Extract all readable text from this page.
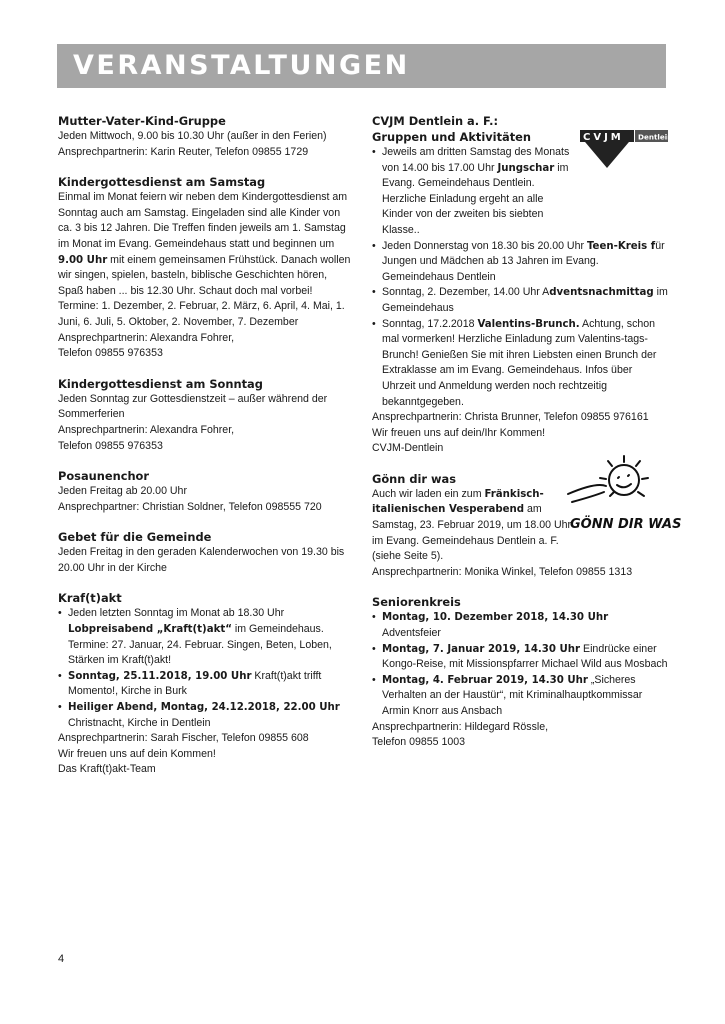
VERANSTALTUNGEN

Mutter-Vater-Kind-Gruppe

Jeden Mittwoch, 9.00 bis 10.30 Uhr (außer in den Ferien)

Ansprechpartnerin: Karin Reuter, Telefon 09855 1729

Kindergottesdienst am Samstag

Einmal im Monat feiern wir neben dem Kindergottesdienst am Sonntag auch am Samstag. Eingeladen sind alle Kinder von ca. 3 bis 12 Jahren. Die Treffen finden jeweils am 1. Samstag im Monat im Evang. Gemeindehaus statt und beginnen um 9.00 Uhr mit einem gemeinsamen Frühstück. Danach wollen wir singen, spielen, basteln, biblische Geschichten hören, Spaß haben ... bis 12.30 Uhr. Schaut doch mal vorbei!

Termine: 1. Dezember, 2. Februar, 2. März, 6. April, 4. Mai, 1. Juni, 6. Juli, 5. Oktober, 2. November, 7. Dezember

Ansprechpartnerin: Alexandra Fohrer,

Telefon 09855 976353

Kindergottesdienst am Sonntag

Jeden Sonntag zur Gottesdienstzeit – außer während der Sommerferien

Ansprechpartnerin: Alexandra Fohrer,

Telefon 09855 976353

Posaunenchor

Jeden Freitag ab 20.00 Uhr

Ansprechpartner: Christian Soldner, Telefon 098555 720

Gebet für die Gemeinde

Jeden Freitag in den geraden Kalenderwochen von 19.30 bis 20.00 Uhr in der Kirche

Kraf(t)akt

• Jeden letzten Sonntag im Monat ab 18.30 Uhr Lobpreisabend „Kraft(t)akt“ im Gemeindehaus. Termine: 27. Januar, 24. Februar. Singen, Beten, Loben, Stärken im Kraft(t)akt!
• Sonntag, 25.11.2018, 19.00 Uhr Kraft(t)akt trifft Momento!, Kirche in Burk
• Heiliger Abend, Montag, 24.12.2018, 22.00 Uhr Christnacht, Kirche in Dentlein

Ansprechpartnerin: Sarah Fischer, Telefon 09855 608

Wir freuen uns auf dein Kommen!

Das Kraft(t)akt-Team

CVJM Dentlein

CVJM Dentlein a. F.:

Gruppen und Aktivitäten

• Jeweils am dritten Samstag des Monats von 14.00 bis 17.00 Uhr Jungschar im Evang. Gemeindehaus Dentlein. Herzliche Einladung ergeht an alle Kinder von der zweiten bis siebten Klasse..
• Jeden Donnerstag von 18.30 bis 20.00 Uhr Teen-Kreis für Jungen und Mädchen ab 13 Jahren im Evang. Gemeindehaus Dentlein
• Sonntag, 2. Dezember, 14.00 Uhr Adventsnachmittag im Gemeindehaus
• Sonntag, 17.2.2018 Valentins-Brunch. Achtung, schon mal vormerken! Herzliche Einladung zum Valentins-tags-Brunch! Genießen Sie mit ihren Liebsten einen Brunch der Extraklasse am im Evang. Gemeindehaus. Infos über Uhrzeit und Anmeldung werden noch rechtzeitig bekanntgegeben.

Ansprechpartnerin: Christa Brunner, Telefon 09855 976161

Wir freuen uns auf dein/Ihr Kommen!

CVJM-Dentlein

Gönn dir was

Auch wir laden ein zum Fränkisch-italienischen Vesperabend am Samstag, 23. Februar 2019, um 18.00 Uhr im Evang. Gemeindehaus Dentlein a. F. (siehe Seite 5).

Ansprechpartnerin: Monika Winkel, Telefon 09855 1313

Seniorenkreis

• Montag, 10. Dezember 2018, 14.30 Uhr Adventsfeier
• Montag, 7. Januar 2019, 14.30 Uhr Eindrücke einer Kongo-Reise, mit Missionspfarrer Michael Wild aus Mosbach
• Montag, 4. Februar 2019, 14.30 Uhr „Sicheres Verhalten an der Haustür“, mit Kriminalhauptkommissar Armin Knorr aus Ansbach

Ansprechpartnerin: Hildegard Rössle,

Telefon 09855 1003

GÖNN DIR WAS
4
